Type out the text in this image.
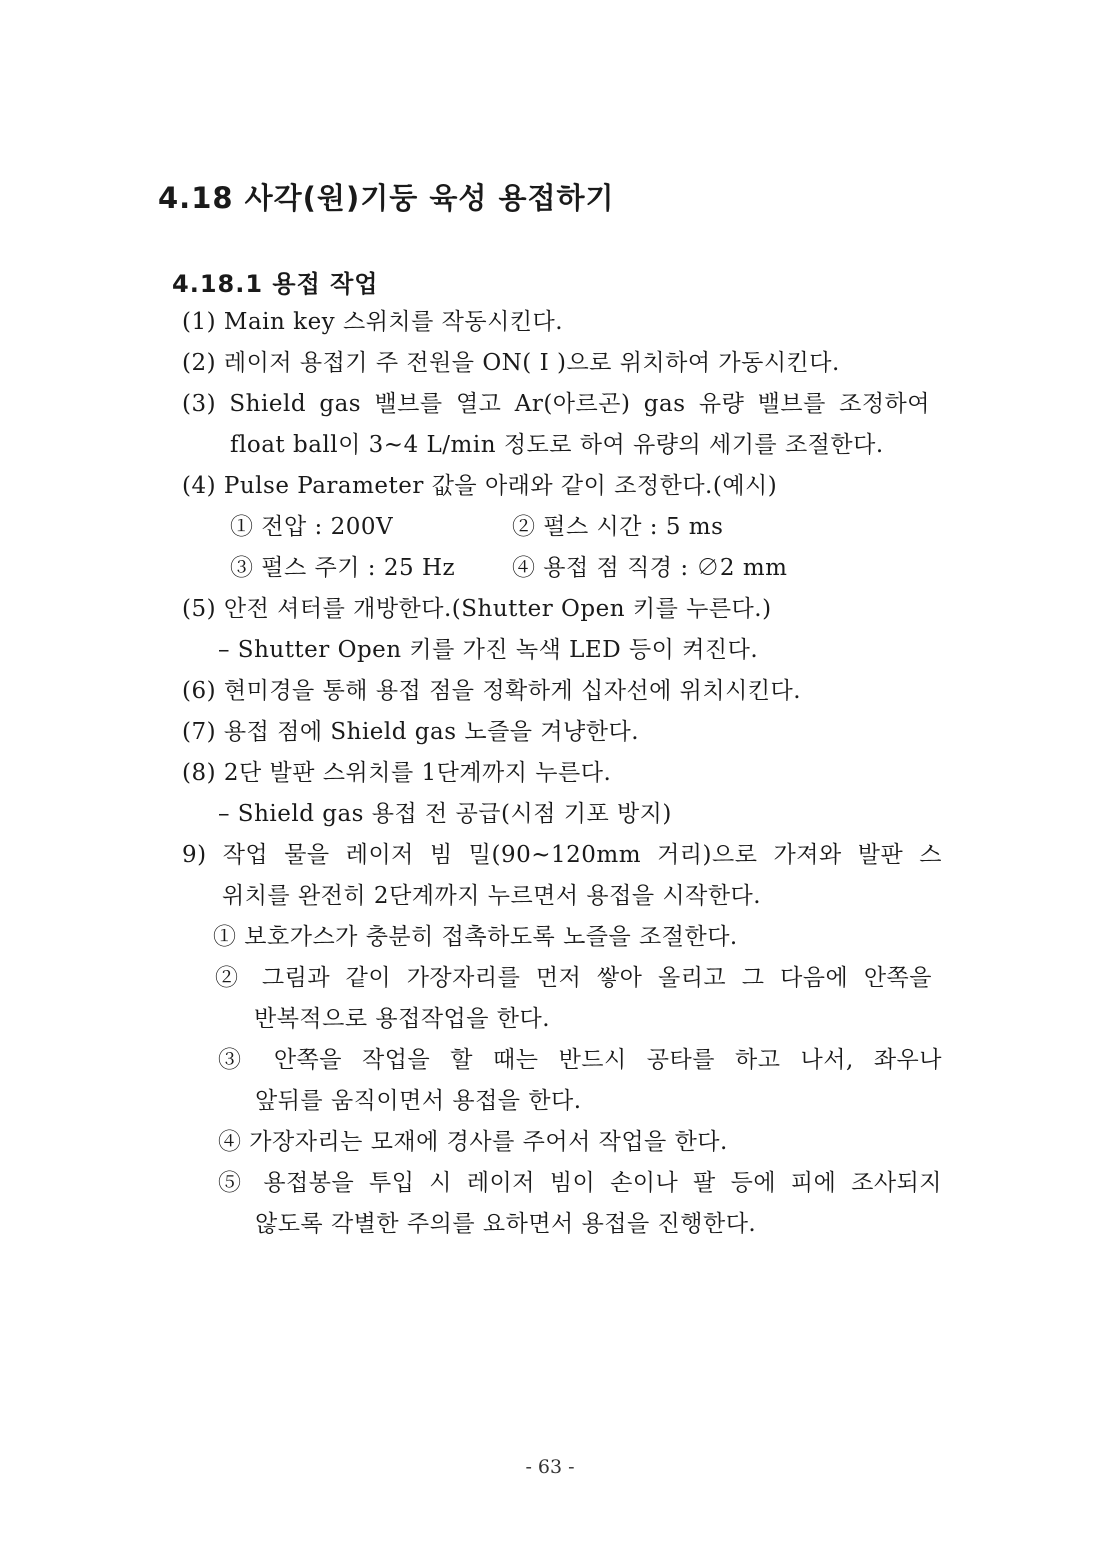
4.18 사각(원)기둥 육성 용접하기
4.18.1 용접 작업
(1) Main key 스위치를 작동시킨다.
(2) 레이저 용접기 주 전원을 ON( I )으로 위치하여 가동시킨다.
(3) Shield gas 밸브를 열고 Ar(아르곤) gas 유량 밸브를 조정하여
float ball이 3~4 L/min 정도로 하여 유량의 세기를 조절한다.
(4) Pulse Parameter 값을 아래와 같이 조정한다.(예시)
① 전압 : 200V	② 펄스 시간 : 5 ms
③ 펄스 주기 : 25 Hz ④ 용접 점 직경 : ∅2 mm
(5) 안전 셔터를 개방한다.(Shutter Open 키를 누른다.)
– Shutter Open 키를 가진 녹색 LED 등이 켜진다.
(6) 현미경을 통해 용접 점을 정확하게 십자선에 위치시킨다.
(7) 용접 점에 Shield gas 노즐을 겨냥한다.
(8) 2단 발판 스위치를 1단계까지 누른다.
– Shield gas 용접 전 공급(시점 기포 방지)
9) 작업 물을 레이저 빔 밀(90~120mm 거리)으로 가져와 발판 스
위치를 완전히 2단계까지 누르면서 용접을 시작한다.
① 보호가스가 충분히 접촉하도록 노즐을 조절한다.
② 그림과 같이 가장자리를 먼저 쌓아 올리고 그 다음에 안쪽을
반복적으로 용접작업을 한다.
③ 안쪽을 작업을 할 때는 반드시 공타를 하고 나서, 좌우나
앞뒤를 움직이면서 용접을 한다.
④ 가장자리는 모재에 경사를 주어서 작업을 한다.
⑤ 용접봉을 투입 시 레이저 빔이 손이나 팔 등에 피에 조사되지
않도록 각별한 주의를 요하면서 용접을 진행한다.
- 63 -
